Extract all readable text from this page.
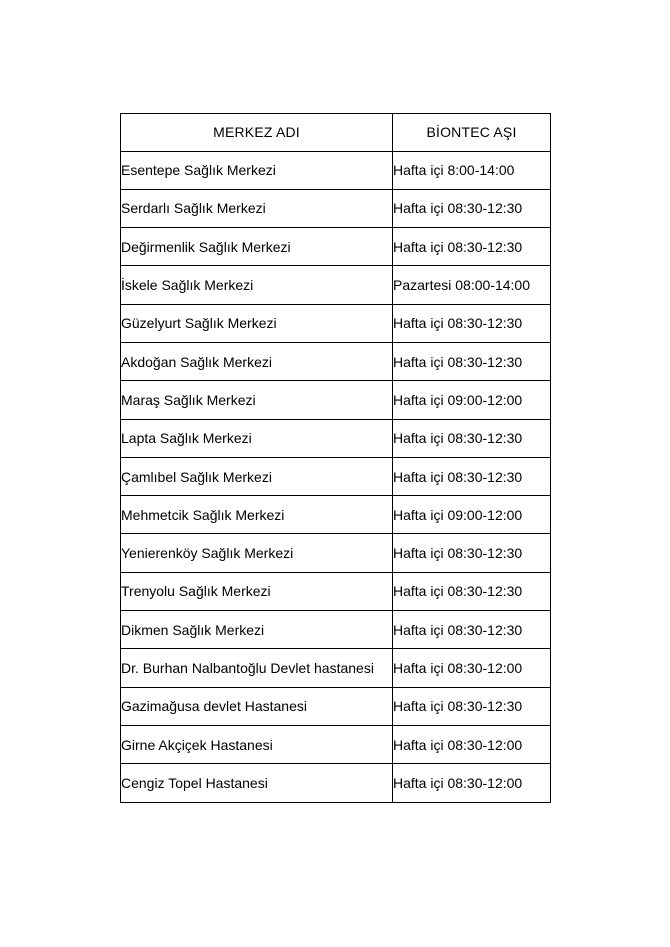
MERKEZ ADI	BİONTEC AŞI
Esentepe Sağlık Merkezi	Hafta içi 8:00-14:00
Serdarlı Sağlık Merkezi	Hafta içi 08:30-12:30
Değirmenlik Sağlık Merkezi	Hafta içi 08:30-12:30
İskele Sağlık Merkezi	Pazartesi 08:00-14:00
Güzelyurt Sağlık Merkezi	Hafta içi 08:30-12:30
Akdoğan Sağlık Merkezi	Hafta içi 08:30-12:30
Maraş Sağlık Merkezi	Hafta içi 09:00-12:00
Lapta Sağlık Merkezi	Hafta içi 08:30-12:30
Çamlıbel Sağlık Merkezi	Hafta içi 08:30-12:30
Mehmetcik Sağlık Merkezi	Hafta içi 09:00-12:00
Yenierenköy Sağlık Merkezi	Hafta içi 08:30-12:30
Trenyolu Sağlık Merkezi	Hafta içi 08:30-12:30
Dikmen Sağlık Merkezi	Hafta içi 08:30-12:30
Dr. Burhan Nalbantoğlu Devlet hastanesi	Hafta içi 08:30-12:00
Gazimağusa devlet Hastanesi	Hafta içi 08:30-12:30
Girne Akçiçek Hastanesi	Hafta içi 08:30-12:00
Cengiz Topel Hastanesi	Hafta içi 08:30-12:00
